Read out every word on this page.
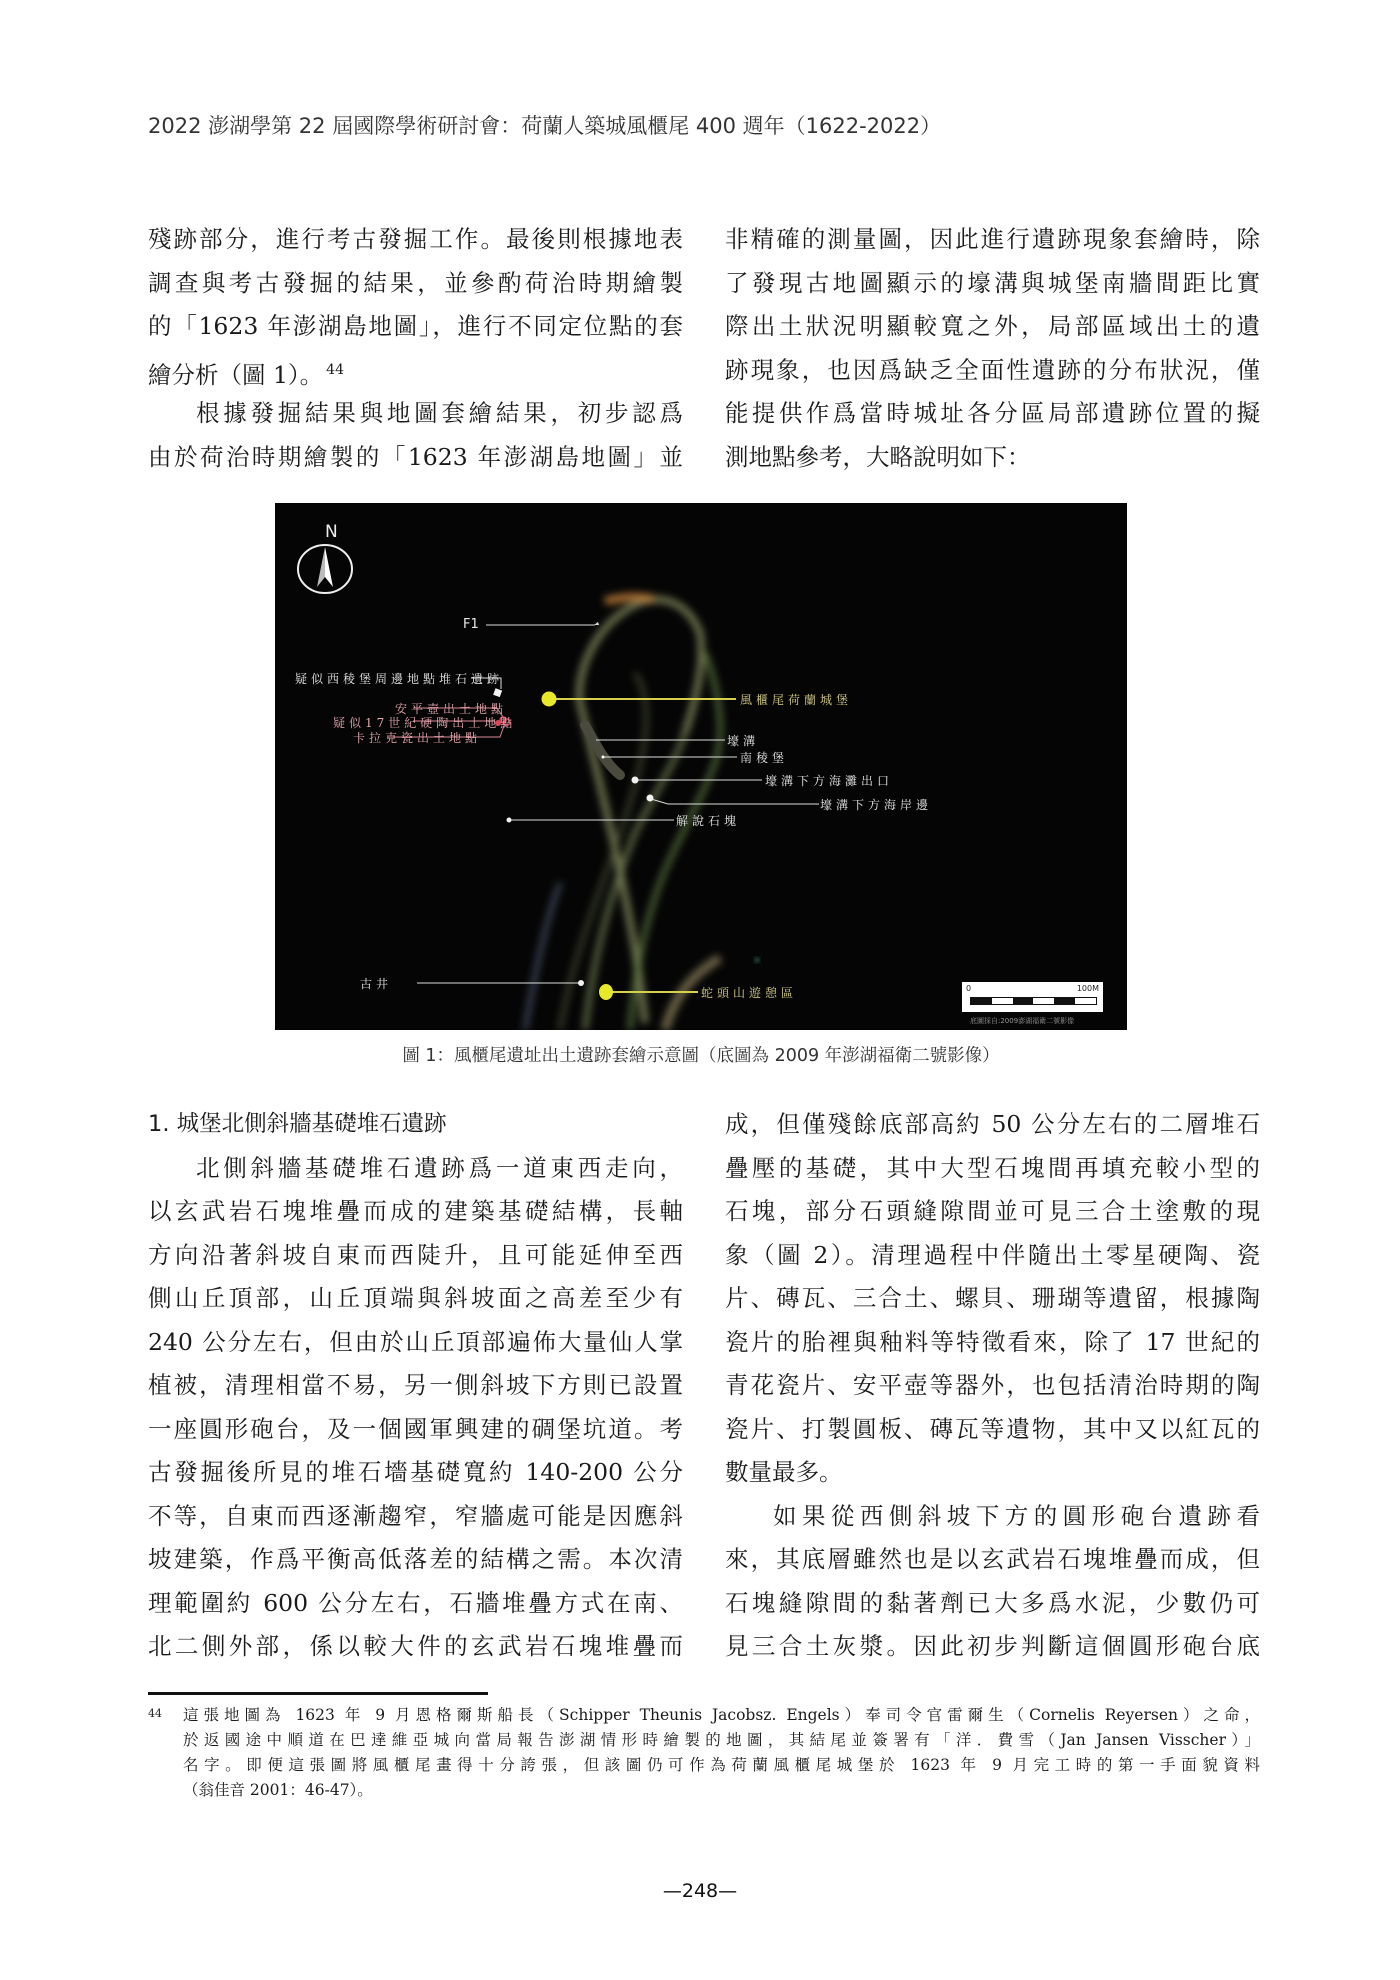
2022 澎湖學第 22 屆國際學術研討會：荷蘭人築城風櫃尾 400 週年（1622-2022）
殘跡部分，進行考古發掘工作。最後則根據地表
調查與考古發掘的結果，並參酌荷治時期繪製
的「1623 年澎湖島地圖」，進行不同定位點的套
繪分析（圖 1）。 $^{44}$
根據發掘結果與地圖套繪結果，初步認爲
由於荷治時期繪製的「1623 年澎湖島地圖」並
非精確的測量圖，因此進行遺跡現象套繪時，除
了發現古地圖顯示的壕溝與城堡南牆間距比實
際出土狀況明顯較寬之外，局部區域出土的遺
跡現象，也因爲缺乏全面性遺跡的分布狀況，僅
能提供作爲當時城址各分區局部遺跡位置的擬
測地點參考，大略說明如下：
N
F1
疑似西稜堡周邊地點堆石遺跡
安平壺出土地點
疑似17世紀硬陶出土地點
卡拉克瓷出土地點
風櫃尾荷蘭城堡
壕溝
南稜堡
壕溝下方海灘出口
壕溝下方海岸邊
解說石塊
古井
蛇頭山遊憩區	0	100M
底圖採自:2009澎湖福衛二號影像
圖 1：風櫃尾遺址出土遺跡套繪示意圖（底圖為 2009 年澎湖福衛二號影像）
1. 城堡北側斜牆基礎堆石遺跡
北側斜牆基礎堆石遺跡爲一道東西走向，
以玄武岩石塊堆疊而成的建築基礎結構，長軸
方向沿著斜坡自東而西陡升，且可能延伸至西
側山丘頂部，山丘頂端與斜坡面之高差至少有
240 公分左右，但由於山丘頂部遍佈大量仙人掌
植被，清理相當不易，另一側斜坡下方則已設置
一座圓形砲台，及一個國軍興建的碉堡坑道。考
古發掘後所見的堆石墻基礎寬約 140-200 公分
不等，自東而西逐漸趨窄，窄牆處可能是因應斜
坡建築，作爲平衡高低落差的結構之需。本次清
理範圍約 600 公分左右，石牆堆疊方式在南、
北二側外部，係以較大件的玄武岩石塊堆疊而
成，但僅殘餘底部高約 50 公分左右的二層堆石
疊壓的基礎，其中大型石塊間再填充較小型的
石塊，部分石頭縫隙間並可見三合土塗敷的現
象（圖 2）。清理過程中伴隨出土零星硬陶、瓷
片、磚瓦、三合土、螺貝、珊瑚等遺留，根據陶
瓷片的胎裡與釉料等特徵看來，除了 17 世紀的
青花瓷片、安平壺等器外，也包括清治時期的陶
瓷片、打製圓板、磚瓦等遺物，其中又以紅瓦的
數量最多。
如果從西側斜坡下方的圓形砲台遺跡看
來，其底層雖然也是以玄武岩石塊堆疊而成，但
石塊縫隙間的黏著劑已大多爲水泥，少數仍可
見三合土灰漿。因此初步判斷這個圓形砲台底
44 這張地圖為 1623 年 9 月恩格爾斯船長（Schipper Theunis Jacobsz. Engels）奉司令官雷爾生（Cornelis Reyersen）之命，
於返國途中順道在巴達維亞城向當局報告澎湖情形時繪製的地圖，其結尾並簽署有「洋．費雪（Jan Jansen Visscher）」
名字。即便這張圖將風櫃尾畫得十分誇張，但該圖仍可作為荷蘭風櫃尾城堡於 1623 年 9 月完工時的第一手面貌資料
（翁佳音 2001：46-47）。
—248—
